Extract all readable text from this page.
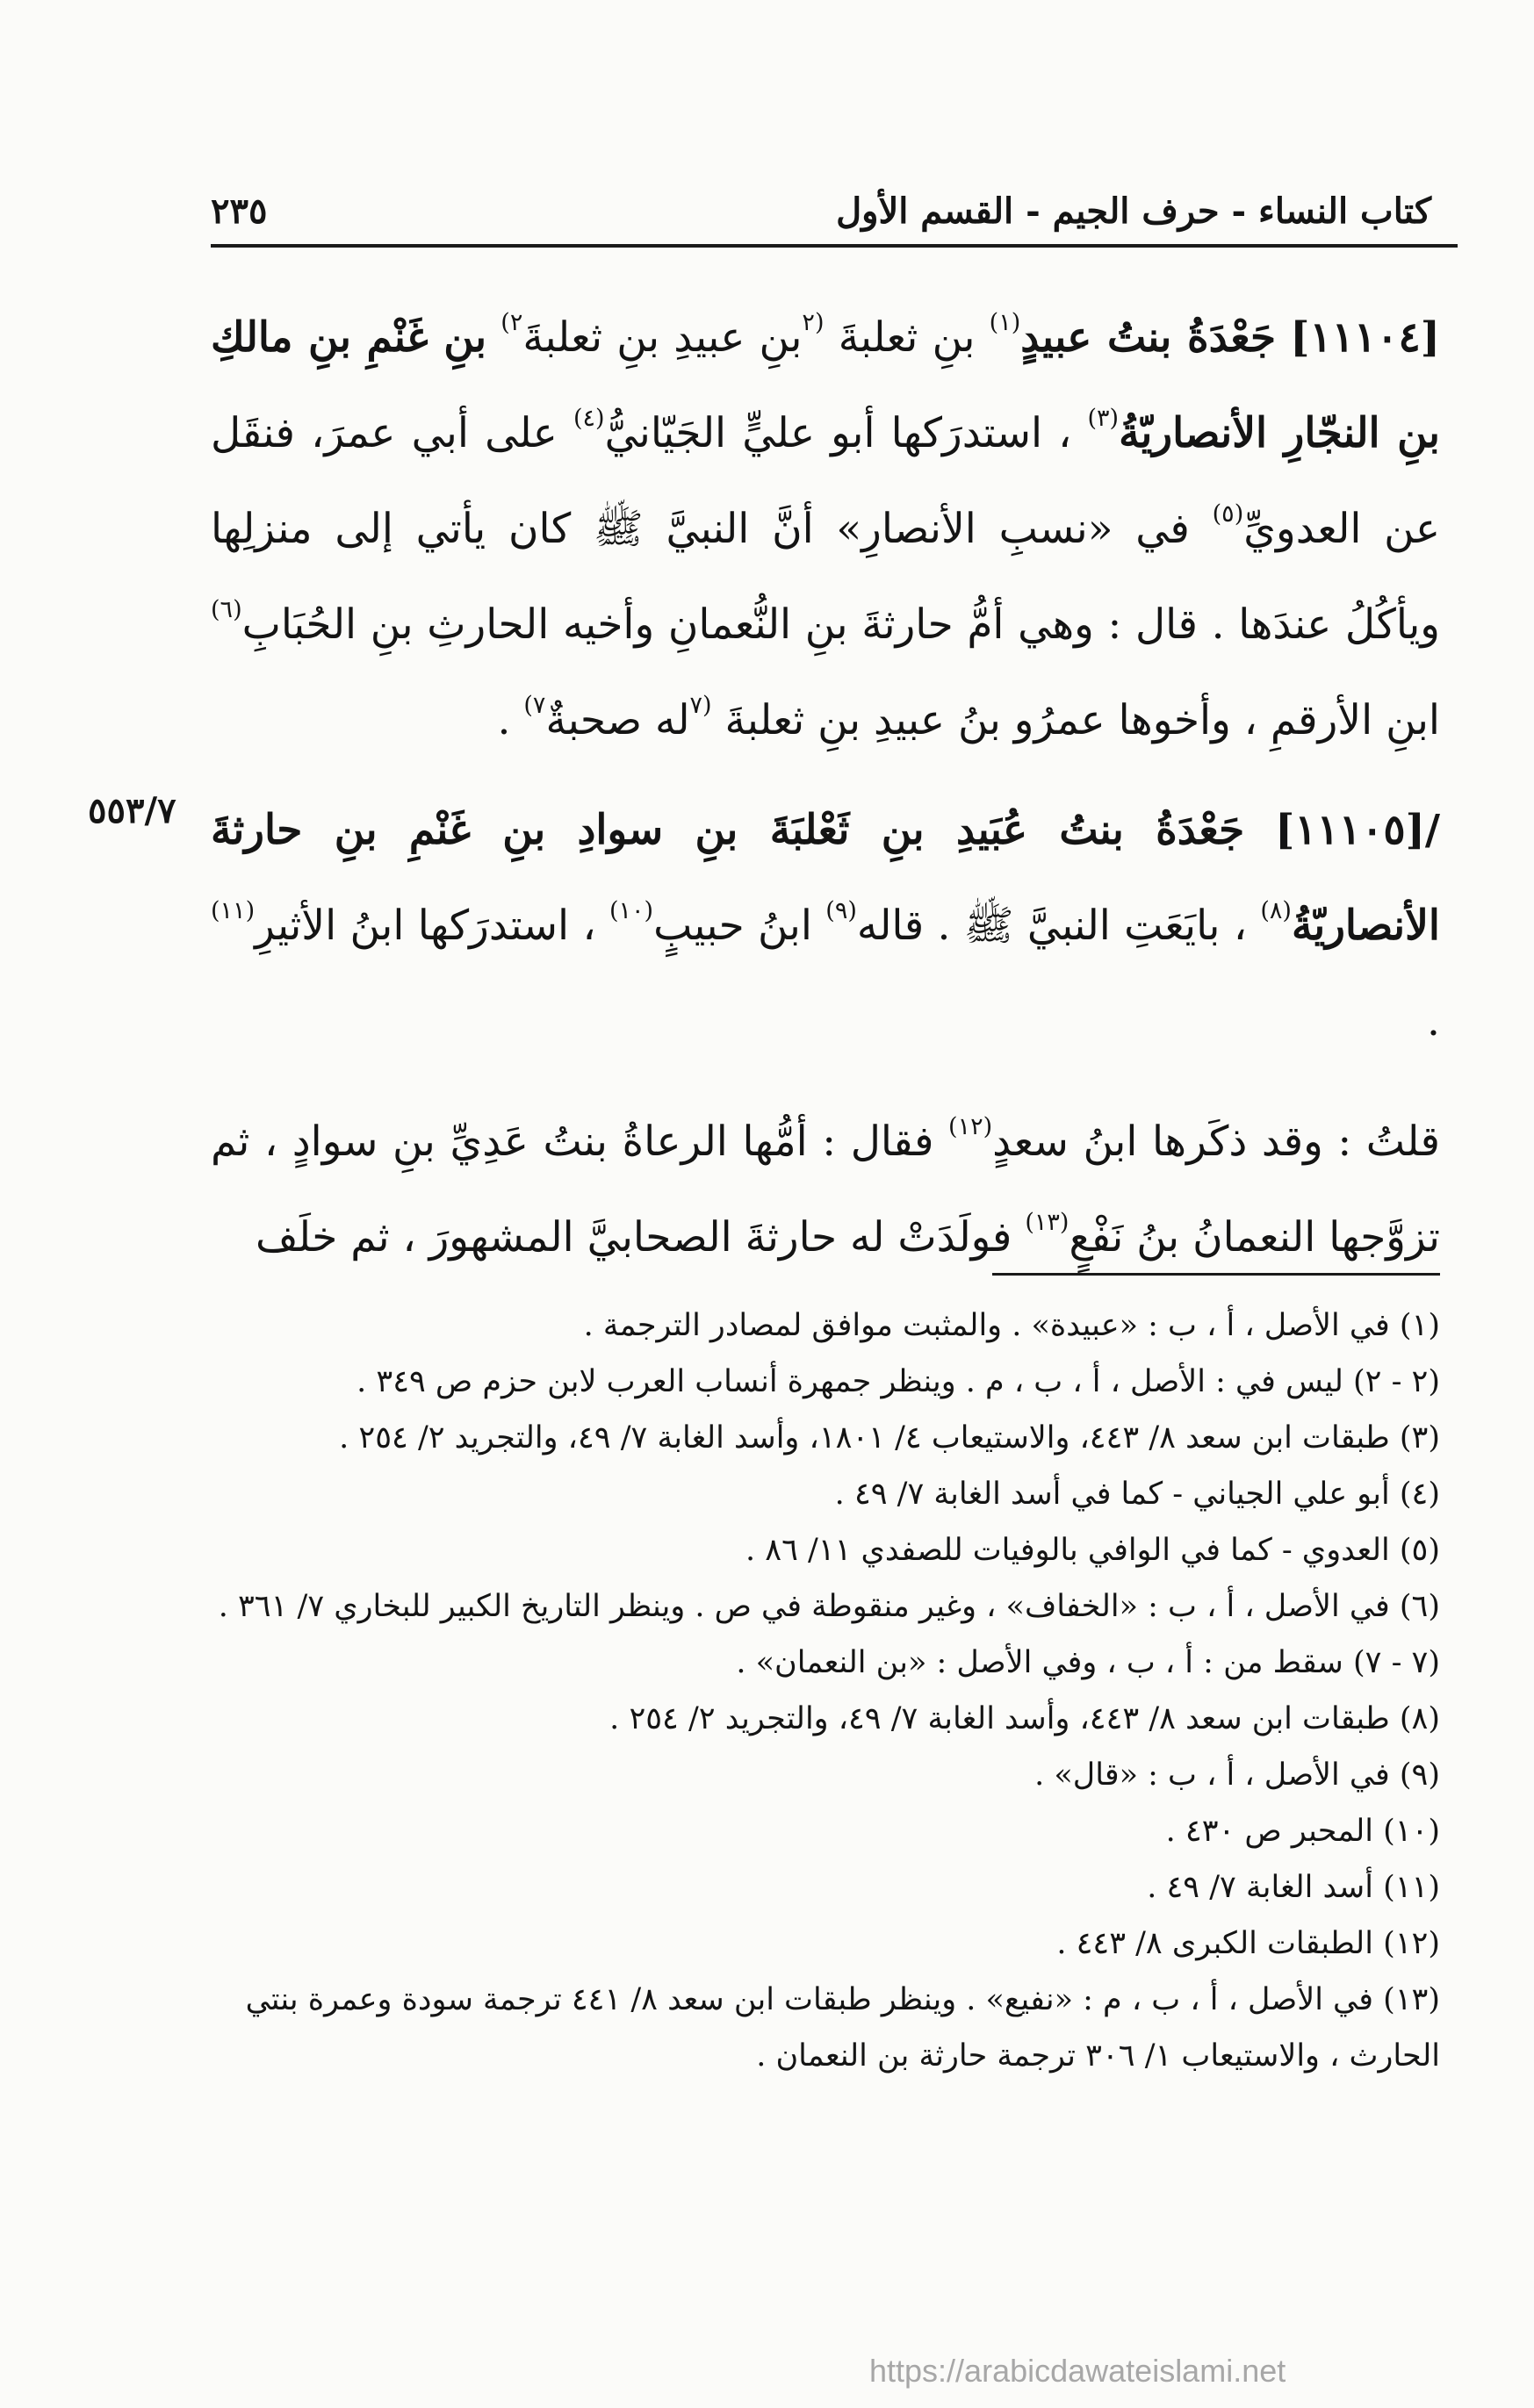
كتاب النساء - حرف الجيم - القسم الأول
٢٣٥

[١١١٠٤] جَعْدَةُ بنتُ عبيدٍ$^{(١)}$ بنِ ثعلبةَ $^{(٢}$بنِ عبيدِ بنِ ثعلبةَ$^{٢)}$ بنِ غَنْمِ بنِ مالكِ بنِ النجّارِ الأنصاريّةُ$^{(٣)}$ ، استدرَكها أبو عليٍّ الجَيّانيُّ$^{(٤)}$ على أبي عمرَ، فنقَل عن العدويِّ$^{(٥)}$ في «نسبِ الأنصارِ» أنَّ النبيَّ ﷺ كان يأتي إلى منزلِها ويأكُلُ عندَها . قال : وهي أمُّ حارثةَ بنِ النُّعمانِ وأخيه الحارثِ بنِ الحُبَابِ$^{(٦)}$ ابنِ الأرقمِ ، وأخوها عمرُو بنُ عبيدِ بنِ ثعلبةَ $^{(٧}$له صحبةٌ$^{٧)}$ .

/[١١١٠٥] جَعْدَةُ بنتُ عُبَيدِ بنِ ثَعْلبَةَ بنِ سوادِ بنِ غَنْمِ بنِ حارثةَ الأنصاريّةُ$^{(٨)}$ ، بايَعَتِ النبيَّ ﷺ . قاله$^{(٩)}$ ابنُ حبيبٍ$^{(١٠)}$ ، استدرَكها ابنُ الأثيرِ$^{(١١)}$ .

قلتُ : وقد ذكَرها ابنُ سعدٍ$^{(١٢)}$ فقال : أمُّها الرعاةُ بنتُ عَدِيِّ بنِ سوادٍ ، ثم تزوَّجها النعمانُ بنُ نَفْعٍ$^{(١٣)}$ فولَدَتْ له حارثةَ الصحابيَّ المشهورَ ، ثم خلَف

٥٥٣/٧
(١) في الأصل ، أ ، ب : «عبيدة» . والمثبت موافق لمصادر الترجمة .
(٢ - ٢) ليس في : الأصل ، أ ، ب ، م . وينظر جمهرة أنساب العرب لابن حزم ص ٣٤٩ .
(٣) طبقات ابن سعد ٨/ ٤٤٣، والاستيعاب ٤/ ١٨٠١، وأسد الغابة ٧/ ٤٩، والتجريد ٢/ ٢٥٤ .
(٤) أبو علي الجياني - كما في أسد الغابة ٧/ ٤٩ .
(٥) العدوي - كما في الوافي بالوفيات للصفدي ١١/ ٨٦ .
(٦) في الأصل ، أ ، ب : «الخفاف» ، وغير منقوطة في ص . وينظر التاريخ الكبير للبخاري ٧/ ٣٦١ .
(٧ - ٧) سقط من : أ ، ب ، وفي الأصل : «بن النعمان» .
(٨) طبقات ابن سعد ٨/ ٤٤٣، وأسد الغابة ٧/ ٤٩، والتجريد ٢/ ٢٥٤ .
(٩) في الأصل ، أ ، ب : «قال» .
(١٠) المحبر ص ٤٣٠ .
(١١) أسد الغابة ٧/ ٤٩ .
(١٢) الطبقات الكبرى ٨/ ٤٤٣ .
(١٣) في الأصل ، أ ، ب ، م : «نفيع» . وينظر طبقات ابن سعد ٨/ ٤٤١ ترجمة سودة وعمرة بنتي الحارث ، والاستيعاب ١/ ٣٠٦ ترجمة حارثة بن النعمان .
https://arabicdawateislami.net
